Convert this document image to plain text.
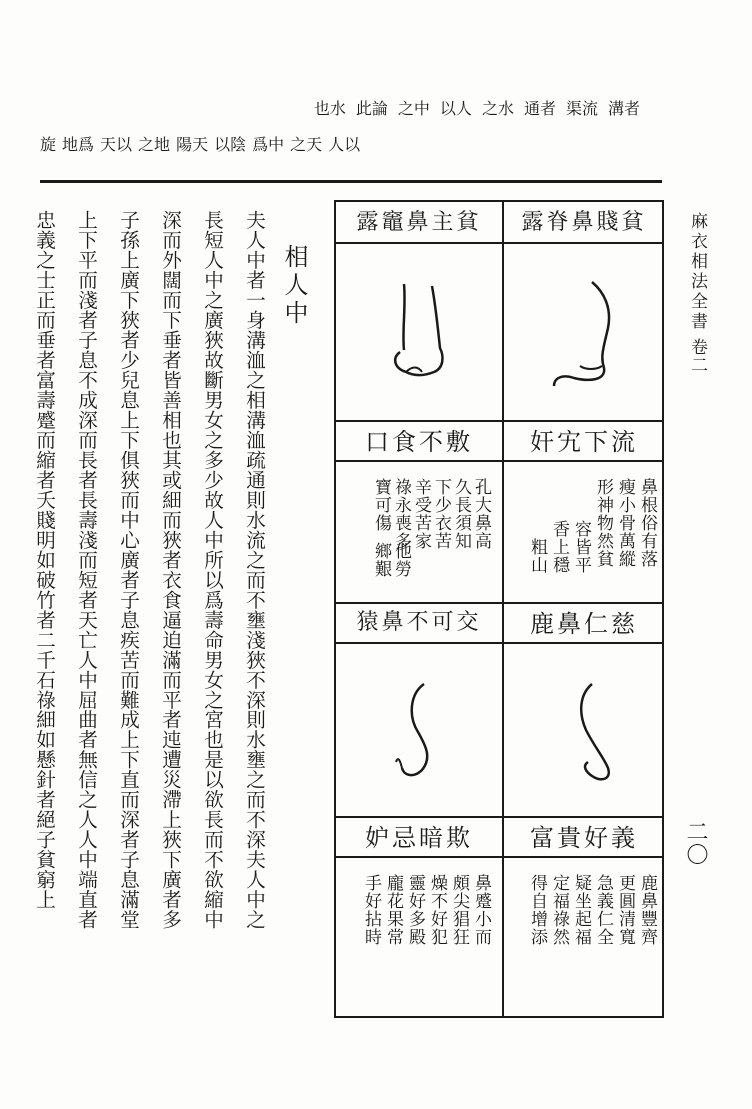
麻衣相法全書
卷二
二〇
溝者
渠流
通者
之水
以人
之中
此論
也水
人以
之天
爲中
以陰
陽天
之地
天以
地爲
旋
相人中
夫人中者一身溝洫之相溝洫疏通則水流之而不壅淺狹不深則水壅之而不深夫人中之
長短人中之廣狹故斷男女之多少故人中所以爲壽命男女之宮也是以欲長而不欲縮中
深而外闊而下垂者皆善相也其或細而狹者衣食逼迫滿而平者迍遭災滯上狹下廣者多
子孫上廣下狹者少兒息上下俱狹而中心廣者子息疾苦而難成上下直而深者子息滿堂
上下平而淺者子息不成深而長者長壽淺而短者天亡人中屈曲者無信之人人中端直者
忠義之士正而垂者富壽蹙而縮者夭賤明如破竹者二千石祿細如懸針者絕子貧窮上	露脊鼻賤貧
奸宄下流
露竈鼻主貧
口食不敷
鼻根俗有落
瘦小骨萬縱
形神物然貧
容皆平
香上穩
粗山
孔大鼻高
久長須知
下少衣苦
辛受苦家
祿永喪多
寶可傷
他勞
鄉艱
鹿鼻仁慈
富貴好義
猿鼻不可交
妒忌暗欺
鹿鼻豐齊
更圓清寬
急義仁全
疑坐起福
定福祿然
得自增添
鼻蹙小而
頗尖猖狂
燥不好犯
靈好多殿
龐花果常
手好拈時
